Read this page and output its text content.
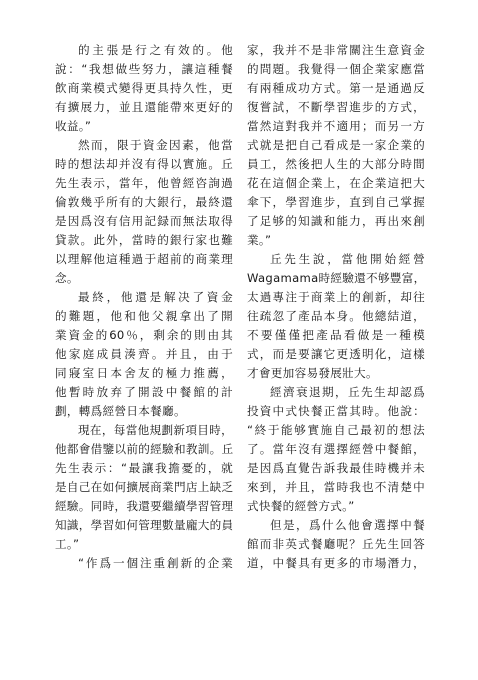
的主張是行之有效的。他
說：“我想做些努力，讓這種餐
飲商業模式變得更具持久性，更
有擴展力，並且還能帶來更好的
收益。”
然而，限于資金因素，他當
時的想法却并沒有得以實施。丘
先生表示，當年，他曾經咨詢過
倫敦幾乎所有的大銀行，最終還
是因爲沒有信用記録而無法取得
貸款。此外，當時的銀行家也難
以理解他這種過于超前的商業理
念。
最終，他還是解决了資金
的難題，他和他父親拿出了開
業資金的60％，剩余的則由其
他家庭成員湊齊。并且，由于
同寢室日本舍友的極力推薦，
他暫時放弃了開設中餐館的計
劃，轉爲經營日本餐廳。
現在，每當他規劃新項目時，
他都會借鑒以前的經驗和教訓。丘
先生表示：“最讓我擔憂的，就
是自己在如何擴展商業門店上缺乏
經驗。同時，我還要繼續學習管理
知識，學習如何管理數量龐大的員
工。”
“作爲一個注重創新的企業
家，我并不是非常關注生意資金
的問題。我覺得一個企業家應當
有兩種成功方式。第一是通過反
復嘗試，不斷學習進步的方式，
當然這對我并不適用；而另一方
式就是把自己看成是一家企業的
員工，然後把人生的大部分時間
花在這個企業上，在企業這把大
傘下，學習進步，直到自己掌握
了足够的知識和能力，再出來創
業。”
丘先生說，當他開始經營
Wagamama時經驗還不够豐富，
太過專注于商業上的創新，却往
往疏忽了產品本身。他總結道，
不要僅僅把產品看做是一種模
式，而是要讓它更透明化，這樣
才會更加容易發展壯大。
經濟衰退期，丘先生却認爲
投資中式快餐正當其時。他說：
“終于能够實施自己最初的想法
了。當年沒有選擇經營中餐館，
是因爲直覺告訴我最佳時機并未
來到，并且，當時我也不清楚中
式快餐的經營方式。”
但是，爲什么他會選擇中餐
館而非英式餐廳呢？丘先生回答
道，中餐具有更多的市場潛力，
